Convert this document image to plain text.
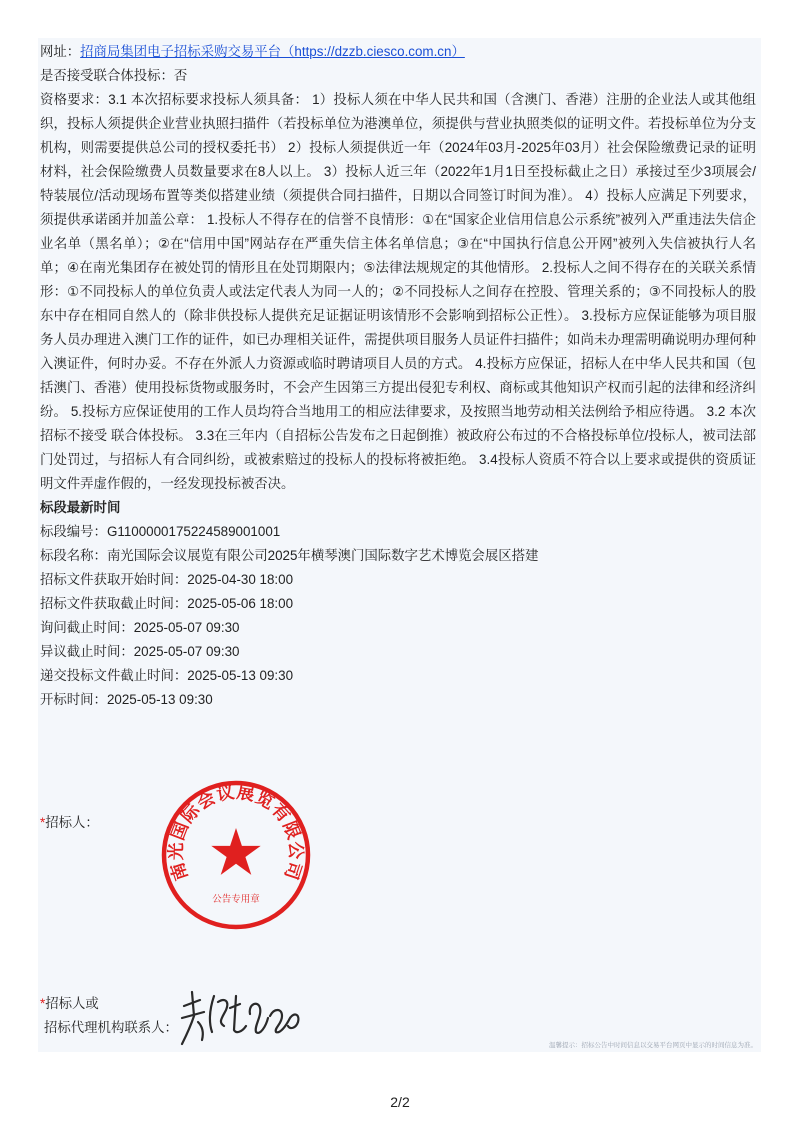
网址：招商局集团电子招标采购交易平台（https://dzzb.ciesco.com.cn）
是否接受联合体投标：否
资格要求：3.1 本次招标要求投标人须具备： 1）投标人须在中华人民共和国（含澳门、香港）注册的企业法人或其他组织，投标人须提供企业营业执照扫描件（若投标单位为港澳单位，须提供与营业执照类似的证明文件。若投标单位为分支机构，则需要提供总公司的授权委托书） 2）投标人须提供近一年（2024年03月-2025年03月）社会保险缴费记录的证明材料，社会保险缴费人员数量要求在8人以上。 3）投标人近三年（2022年1月1日至投标截止之日）承接过至少3项展会/特装展位/活动现场布置等类似搭建业绩（须提供合同扫描件，日期以合同签订时间为准）。 4）投标人应满足下列要求，须提供承诺函并加盖公章： 1.投标人不得存在的信誉不良情形：①在“国家企业信用信息公示系统”被列入严重违法失信企业名单（黑名单）；②在“信用中国”网站存在严重失信主体名单信息；③在“中国执行信息公开网”被列入失信被执行人名单；④在南光集团存在被处罚的情形且在处罚期限内；⑤法律法规规定的其他情形。 2.投标人之间不得存在的关联关系情形：①不同投标人的单位负责人或法定代表人为同一人的；②不同投标人之间存在控股、管理关系的；③不同投标人的股东中存在相同自然人的（除非供投标人提供充足证据证明该情形不会影响到招标公正性）。 3.投标方应保证能够为项目服务人员办理进入澳门工作的证件，如已办理相关证件，需提供项目服务人员证件扫描件；如尚未办理需明确说明办理何种入澳证件，何时办妥。不存在外派人力资源或临时聘请项目人员的方式。 4.投标方应保证，招标人在中华人民共和国（包括澳门、香港）使用投标货物或服务时，不会产生因第三方提出侵犯专利权、商标或其他知识产权而引起的法律和经济纠纷。 5.投标方应保证使用的工作人员均符合当地用工的相应法律要求，及按照当地劳动相关法例给予相应待遇。 3.2 本次招标不接受 联合体投标。 3.3在三年内（自招标公告发布之日起倒推）被政府公布过的不合格投标单位/投标人，被司法部门处罚过，与招标人有合同纠纷，或被索赔过的投标人的投标将被拒绝。 3.4投标人资质不符合以上要求或提供的资质证明文件弄虚作假的，一经发现投标被否决。
标段最新时间
标段编号：G1100000175224589001001
标段名称：南光国际会议展览有限公司2025年横琴澳门国际数字艺术博览会展区搭建
招标文件获取开始时间：2025-04-30 18:00
招标文件获取截止时间：2025-05-06 18:00
询问截止时间：2025-05-07 09:30
异议截止时间：2025-05-07 09:30
递交投标文件截止时间：2025-05-13 09:30
开标时间：2025-05-13 09:30
*招标人：
南光国际会议展览有限公司
公告专用章
*招标人或
招标代理机构联系人：
温馨提示：招标公告中时间信息以交易平台网页中显示的时间信息为准。
2/2
